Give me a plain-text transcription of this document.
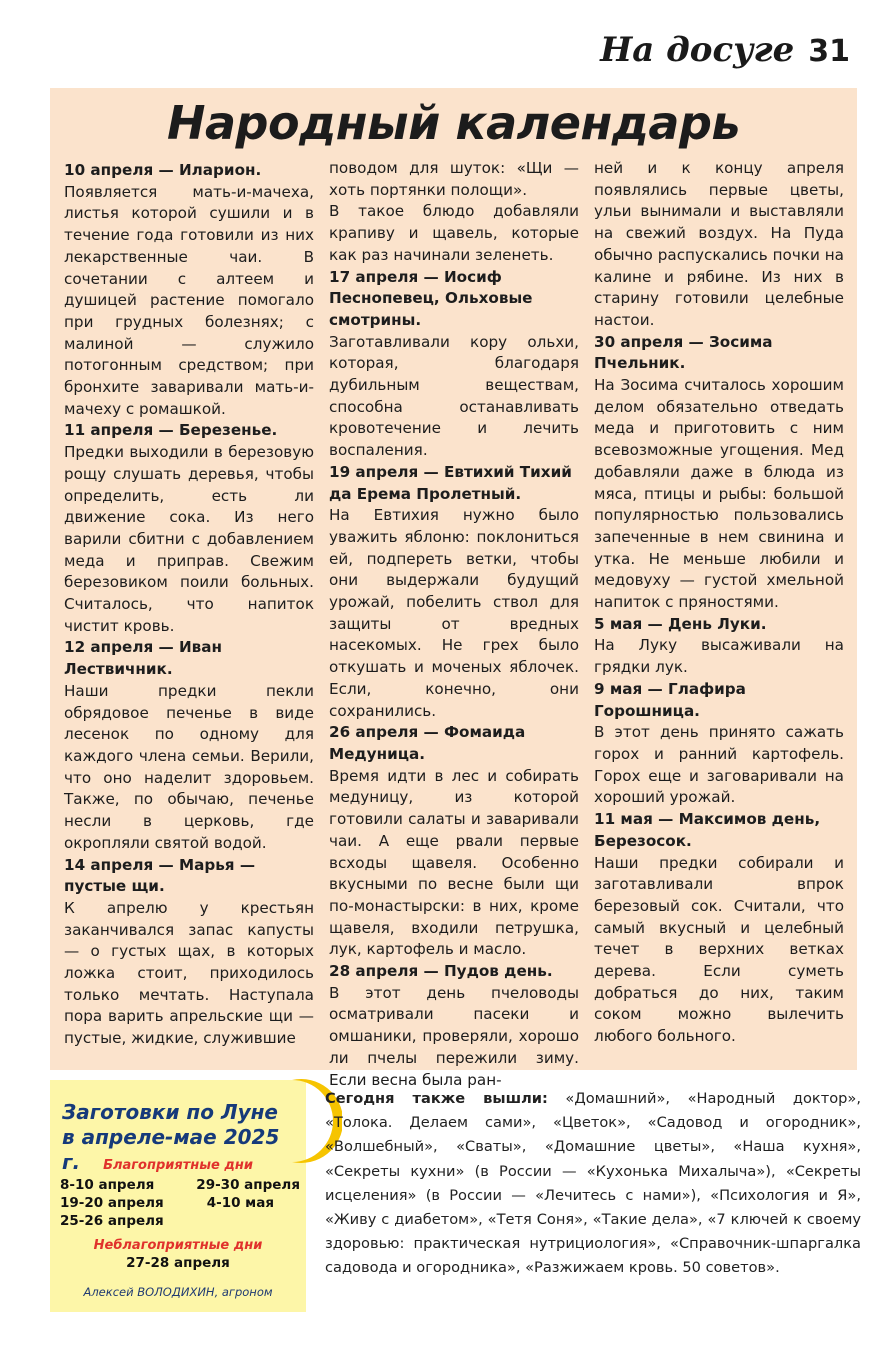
На досуге 31
Народный календарь
10 апреля — Иларион.

Появляется мать-и-мачеха, листья которой сушили и в течение года готовили из них лекарственные чаи. В сочетании с алтеем и душицей растение помогало при грудных болезнях; с малиной — служило потогонным средством; при бронхите заваривали мать-и-мачеху с ромашкой.

11 апреля — Березенье.

Предки выходили в березовую рощу слушать деревья, чтобы определить, есть ли движение сока. Из него варили сбитни с добавлением меда и приправ. Свежим березовиком поили больных. Считалось, что напиток чистит кровь.

12 апреля — Иван Лествичник.

Наши предки пекли обрядовое печенье в виде лесенок по одному для каждого члена семьи. Верили, что оно наделит здоровьем. Также, по обычаю, печенье несли в церковь, где окропляли святой водой.

14 апреля — Марья — пустые щи.

К апрелю у крестьян заканчивался запас капусты — о густых щах, в которых ложка стоит, приходилось только мечтать. Наступала пора варить апрельские щи — пустые, жидкие, служившие

поводом для шуток: «Щи — хоть портянки полощи».

В такое блюдо добавляли крапиву и щавель, которые как раз начинали зеленеть.

17 апреля — Иосиф Песнопевец, Ольховые смотрины.

Заготавливали кору ольхи, которая, благодаря дубильным веществам, способна останавливать кровотечение и лечить воспаления.

19 апреля — Евтихий Тихий да Ерема Пролетный.

На Евтихия нужно было уважить яблоню: поклониться ей, подпереть ветки, чтобы они выдержали будущий урожай, побелить ствол для защиты от вредных насекомых. Не грех было откушать и моченых яблочек. Если, конечно, они сохранились.

26 апреля — Фомаида Медуница.

Время идти в лес и собирать медуницу, из которой готовили салаты и заваривали чаи. А еще рвали первые всходы щавеля. Особенно вкусными по весне были щи по-монастырски: в них, кроме щавеля, входили петрушка, лук, картофель и масло.

28 апреля — Пудов день.

В этот день пчеловоды осматривали пасеки и омшаники, проверяли, хорошо ли пчелы пережили зиму. Если весна была ран-

ней и к концу апреля появлялись первые цветы, ульи вынимали и выставляли на свежий воздух. На Пуда обычно распускались почки на калине и рябине. Из них в старину готовили целебные настои.

30 апреля — Зосима Пчельник.

На Зосима считалось хорошим делом обязательно отведать меда и приготовить с ним всевозможные угощения. Мед добавляли даже в блюда из мяса, птицы и рыбы: большой популярностью пользовались запеченные в нем свинина и утка. Не меньше любили и медовуху — густой хмельной напиток с пряностями.

5 мая — День Луки.

На Луку высаживали на грядки лук.

9 мая — Глафира Горошница.

В этот день принято сажать горох и ранний картофель. Горох еще и заговаривали на хороший урожай.

11 мая — Максимов день, Березосок.

Наши предки собирали и заготавливали впрок березовый сок. Считали, что самый вкусный и целебный течет в верхних ветках дерева. Если суметь добраться до них, таким соком можно вылечить любого больного.

Заготовки по Луне
в апреле-мае 2025 г.	Благоприятные дни
8-10 апреля	29-30 апреля
19-20 апреля	4-10 мая
25-26 апреля
Неблагоприятные дни
27-28 апреля
Алексей ВОЛОДИХИН, агроном
Сегодня также вышли: «Домашний», «Народный доктор», «Толока. Делаем сами», «Цветок», «Садовод и огородник», «Волшебный», «Сваты», «Домашние цветы», «Наша кухня», «Секреты кухни» (в России — «Кухонька Михалыча»), «Секреты исцеления» (в России — «Лечитесь с нами»), «Психология и Я», «Живу с диабетом», «Тетя Соня», «Такие дела», «7 ключей к своему здоровью: практическая нутрициология», «Справочник-шпаргалка садовода и огородника», «Разжижаем кровь. 50 советов».
